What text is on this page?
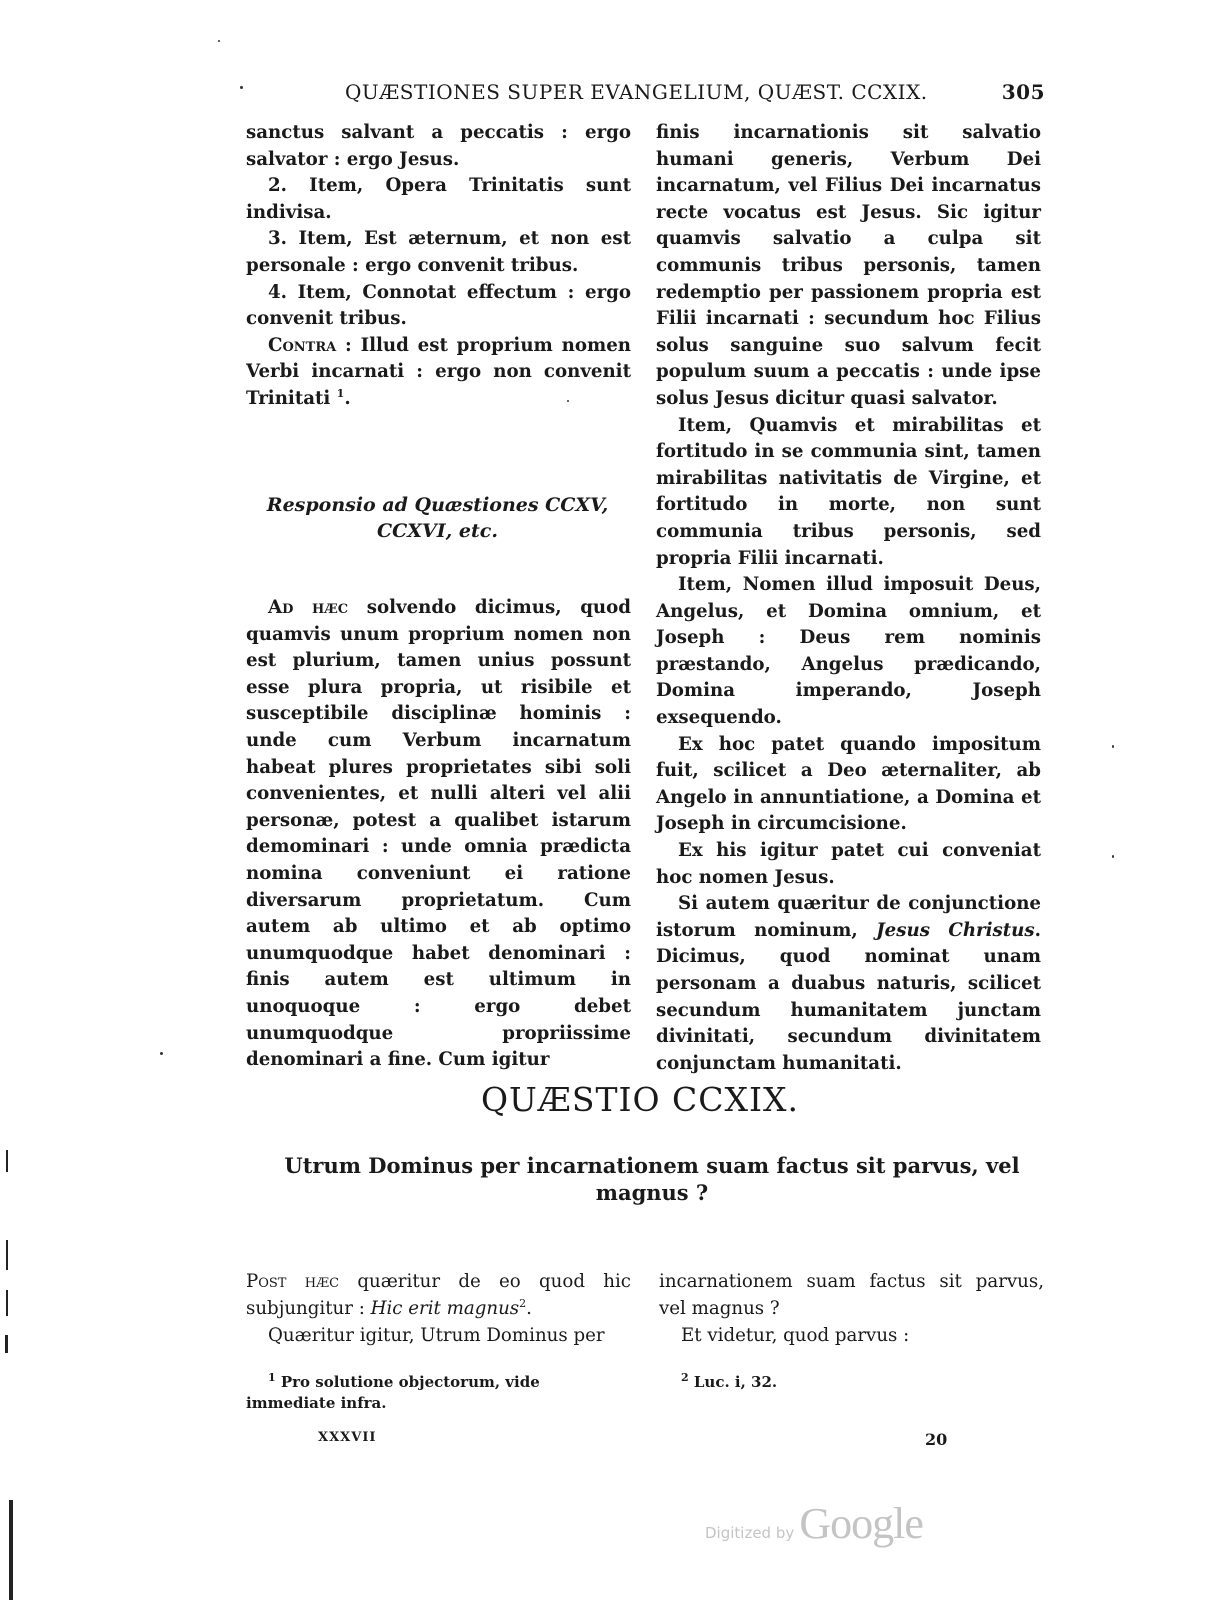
QUÆSTIONES SUPER EVANGELIUM, QUÆST. CCXIX.	305

sanctus salvant a peccatis : ergo salvator : ergo Jesus.

2. Item, Opera Trinitatis sunt indivisa.

3. Item, Est æternum, et non est personale : ergo convenit tribus.

4. Item, Connotat effectum : ergo convenit tribus.

Contra : Illud est proprium nomen Verbi incarnati : ergo non convenit Trinitati $^1$.

Responsio ad Quæstiones CCXV,
CCXVI, etc.

Ad hæc solvendo dicimus, quod quamvis unum proprium nomen non est plurium, tamen unius possunt esse plura propria, ut risibile et susceptibile disciplinæ hominis : unde cum Verbum incarnatum habeat plures proprietates sibi soli convenientes, et nulli alteri vel alii personæ, potest a qualibet istarum demominari : unde omnia prædicta nomina conveniunt ei ratione diversarum proprietatum. Cum autem ab ultimo et ab optimo unumquodque habet denominari : finis autem est ultimum in unoquoque : ergo debet unumquodque propriissime denominari a fine. Cum igitur

finis incarnationis sit salvatio humani generis, Verbum Dei incarnatum, vel Filius Dei incarnatus recte vocatus est Jesus. Sic igitur quamvis salvatio a culpa sit communis tribus personis, tamen redemptio per passionem propria est Filii incarnati : secundum hoc Filius solus sanguine suo salvum fecit populum suum a peccatis : unde ipse solus Jesus dicitur quasi salvator.

Item, Quamvis et mirabilitas et fortitudo in se communia sint, tamen mirabilitas nativitatis de Virgine, et fortitudo in morte, non sunt communia tribus personis, sed propria Filii incarnati.

Item, Nomen illud imposuit Deus, Angelus, et Domina omnium, et Joseph : Deus rem nominis præstando, Angelus prædicando, Domina imperando, Joseph exsequendo.

Ex hoc patet quando impositum fuit, scilicet a Deo æternaliter, ab Angelo in annuntiatione, a Domina et Joseph in circumcisione.

Ex his igitur patet cui conveniat hoc nomen Jesus.

Si autem quæritur de conjunctione istorum nominum, Jesus Christus. Dicimus, quod nominat unam personam a duabus naturis, scilicet secundum humanitatem junctam divinitati, secundum divinitatem conjunctam humanitati.

QUÆSTIO CCXIX.
Utrum Dominus per incarnationem suam factus sit parvus, vel magnus ?

Post hæc quæritur de eo quod hic subjungitur : Hic erit magnus$^2$.

Quæritur igitur, Utrum Dominus per

incarnationem suam factus sit parvus, vel magnus ?

Et videtur, quod parvus :

$^1$ Pro solutione objectorum, vide immediate infra.

$^2$ Luc. i, 32.

XXXVII	20
Digitized by Google
